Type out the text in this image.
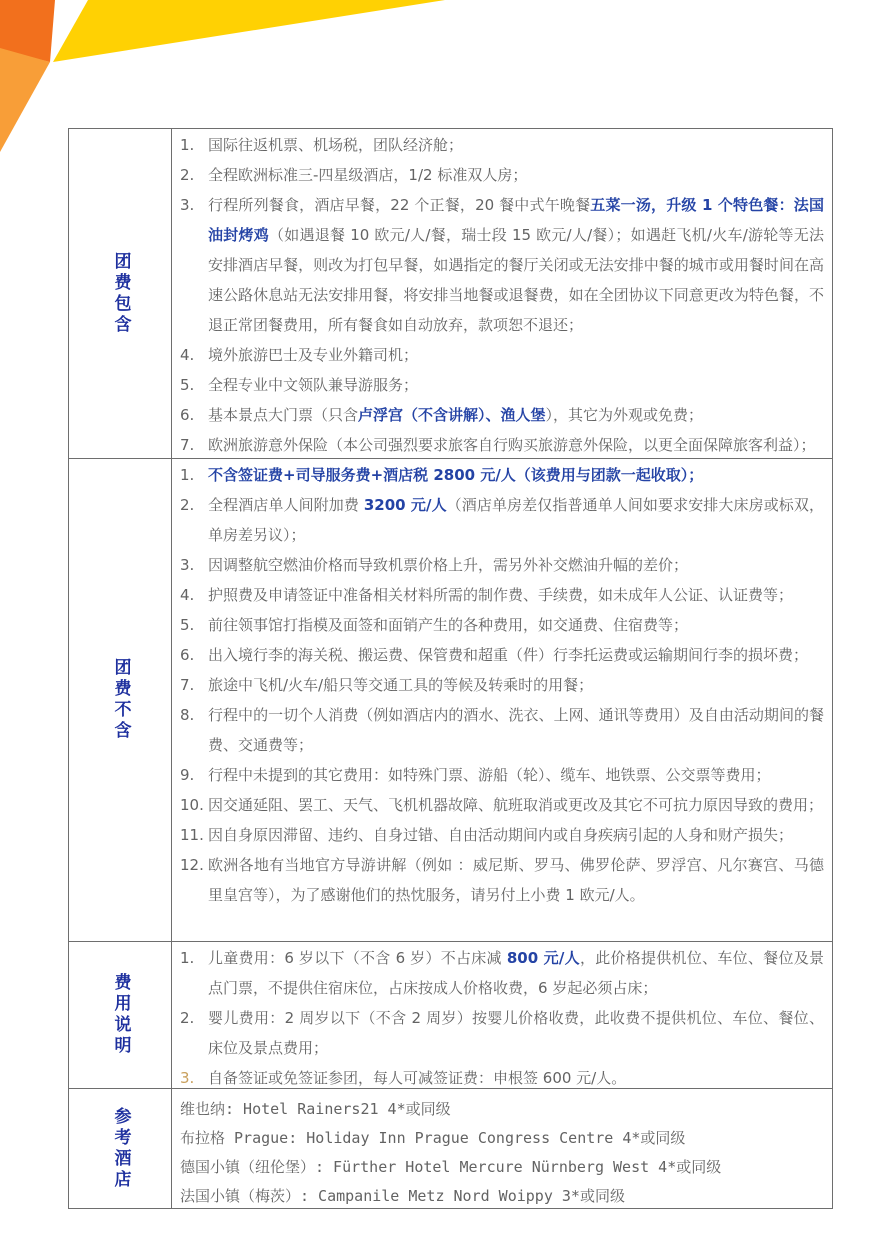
团费包含
1. 国际往返机票、机场税，团队经济舱；
2. 全程欧洲标准三-四星级酒店，1/2 标准双人房；
3. 行程所列餐食，酒店早餐，22 个正餐，20 餐中式午晚餐五菜一汤，升级 1 个特色餐：法国油封烤鸡（如遇退餐 10 欧元/人/餐，瑞士段 15 欧元/人/餐）；如遇赶飞机/火车/游轮等无法安排酒店早餐，则改为打包早餐，如遇指定的餐厅关闭或无法安排中餐的城市或用餐时间在高速公路休息站无法安排用餐，将安排当地餐或退餐费，如在全团协议下同意更改为特色餐，不退正常团餐费用，所有餐食如自动放弃，款项恕不退还；
4. 境外旅游巴士及专业外籍司机；
5. 全程专业中文领队兼导游服务；
6. 基本景点大门票（只含卢浮宫（不含讲解）、渔人堡），其它为外观或免费；
7. 欧洲旅游意外保险（本公司强烈要求旅客自行购买旅游意外保险，以更全面保障旅客利益）；
团费不含
1. 不含签证费+司导服务费+酒店税 2800 元/人（该费用与团款一起收取）；
2. 全程酒店单人间附加费 3200 元/人（酒店单房差仅指普通单人间如要求安排大床房或标双，单房差另议）；
3. 因调整航空燃油价格而导致机票价格上升，需另外补交燃油升幅的差价；
4. 护照费及申请签证中准备相关材料所需的制作费、手续费，如未成年人公证、认证费等；
5. 前往领事馆打指模及面签和面销产生的各种费用，如交通费、住宿费等；
6. 出入境行李的海关税、搬运费、保管费和超重（件）行李托运费或运输期间行李的损坏费；
7. 旅途中飞机/火车/船只等交通工具的等候及转乘时的用餐；
8. 行程中的一切个人消费（例如酒店内的酒水、洗衣、上网、通讯等费用）及自由活动期间的餐费、交通费等；
9. 行程中未提到的其它费用：如特殊门票、游船（轮）、缆车、地铁票、公交票等费用；
10. 因交通延阻、罢工、天气、飞机机器故障、航班取消或更改及其它不可抗力原因导致的费用；
11. 因自身原因滞留、违约、自身过错、自由活动期间内或自身疾病引起的人身和财产损失；
12. 欧洲各地有当地官方导游讲解（例如 ：威尼斯、罗马、佛罗伦萨、罗浮宫、凡尔赛宫、马德里皇宫等），为了感谢他们的热忱服务，请另付上小费 1 欧元/人。
费用说明
1. 儿童费用：6 岁以下（不含 6 岁）不占床减 800 元/人，此价格提供机位、车位、餐位及景点门票，不提供住宿床位，占床按成人价格收费，6 岁起必须占床；
2. 婴儿费用：2 周岁以下（不含 2 周岁）按婴儿价格收费，此收费不提供机位、车位、餐位、床位及景点费用；
3. 自备签证或免签证参团，每人可减签证费：申根签 600 元/人。
参考酒店	维也纳: Hotel Rainers21 4*或同级
布拉格 Prague: Holiday Inn Prague Congress Centre 4*或同级
德国小镇（纽伦堡）: Fürther Hotel Mercure Nürnberg West 4*或同级
法国小镇（梅茨）: Campanile Metz Nord Woippy 3*或同级
